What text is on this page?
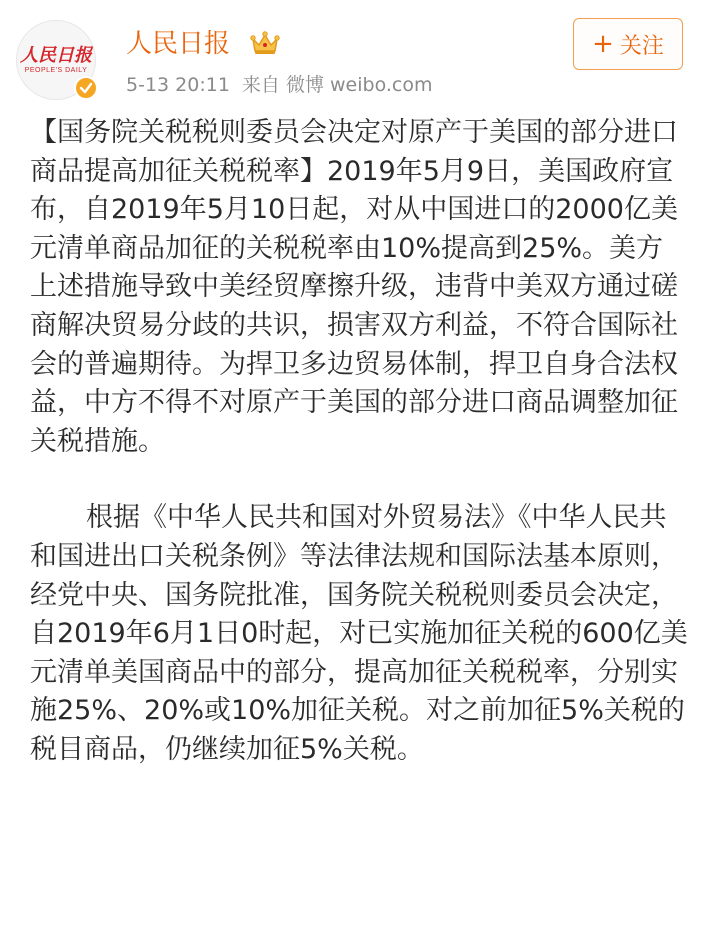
人民日报
PEOPLE'S DAILY
人民日报
5-13 20:11 来自 微博 weibo.com
+ 关注

【国务院关税税则委员会决定对原产于美国的部分进口商品提高加征关税税率】2019年5月9日，美国政府宣布，自2019年5月10日起，对从中国进口的2000亿美元清单商品加征的关税税率由10%提高到25%。美方上述措施导致中美经贸摩擦升级，违背中美双方通过磋商解决贸易分歧的共识，损害双方利益，不符合国际社会的普遍期待。为捍卫多边贸易体制，捍卫自身合法权益，中方不得不对原产于美国的部分进口商品调整加征关税措施。

根据《中华人民共和国对外贸易法》《中华人民共和国进出口关税条例》等法律法规和国际法基本原则，经党中央、国务院批准，国务院关税税则委员会决定，自2019年6月1日0时起，对已实施加征关税的600亿美元清单美国商品中的部分，提高加征关税税率，分别实施25%、20%或10%加征关税。对之前加征5%关税的税目商品，仍继续加征5%关税。
